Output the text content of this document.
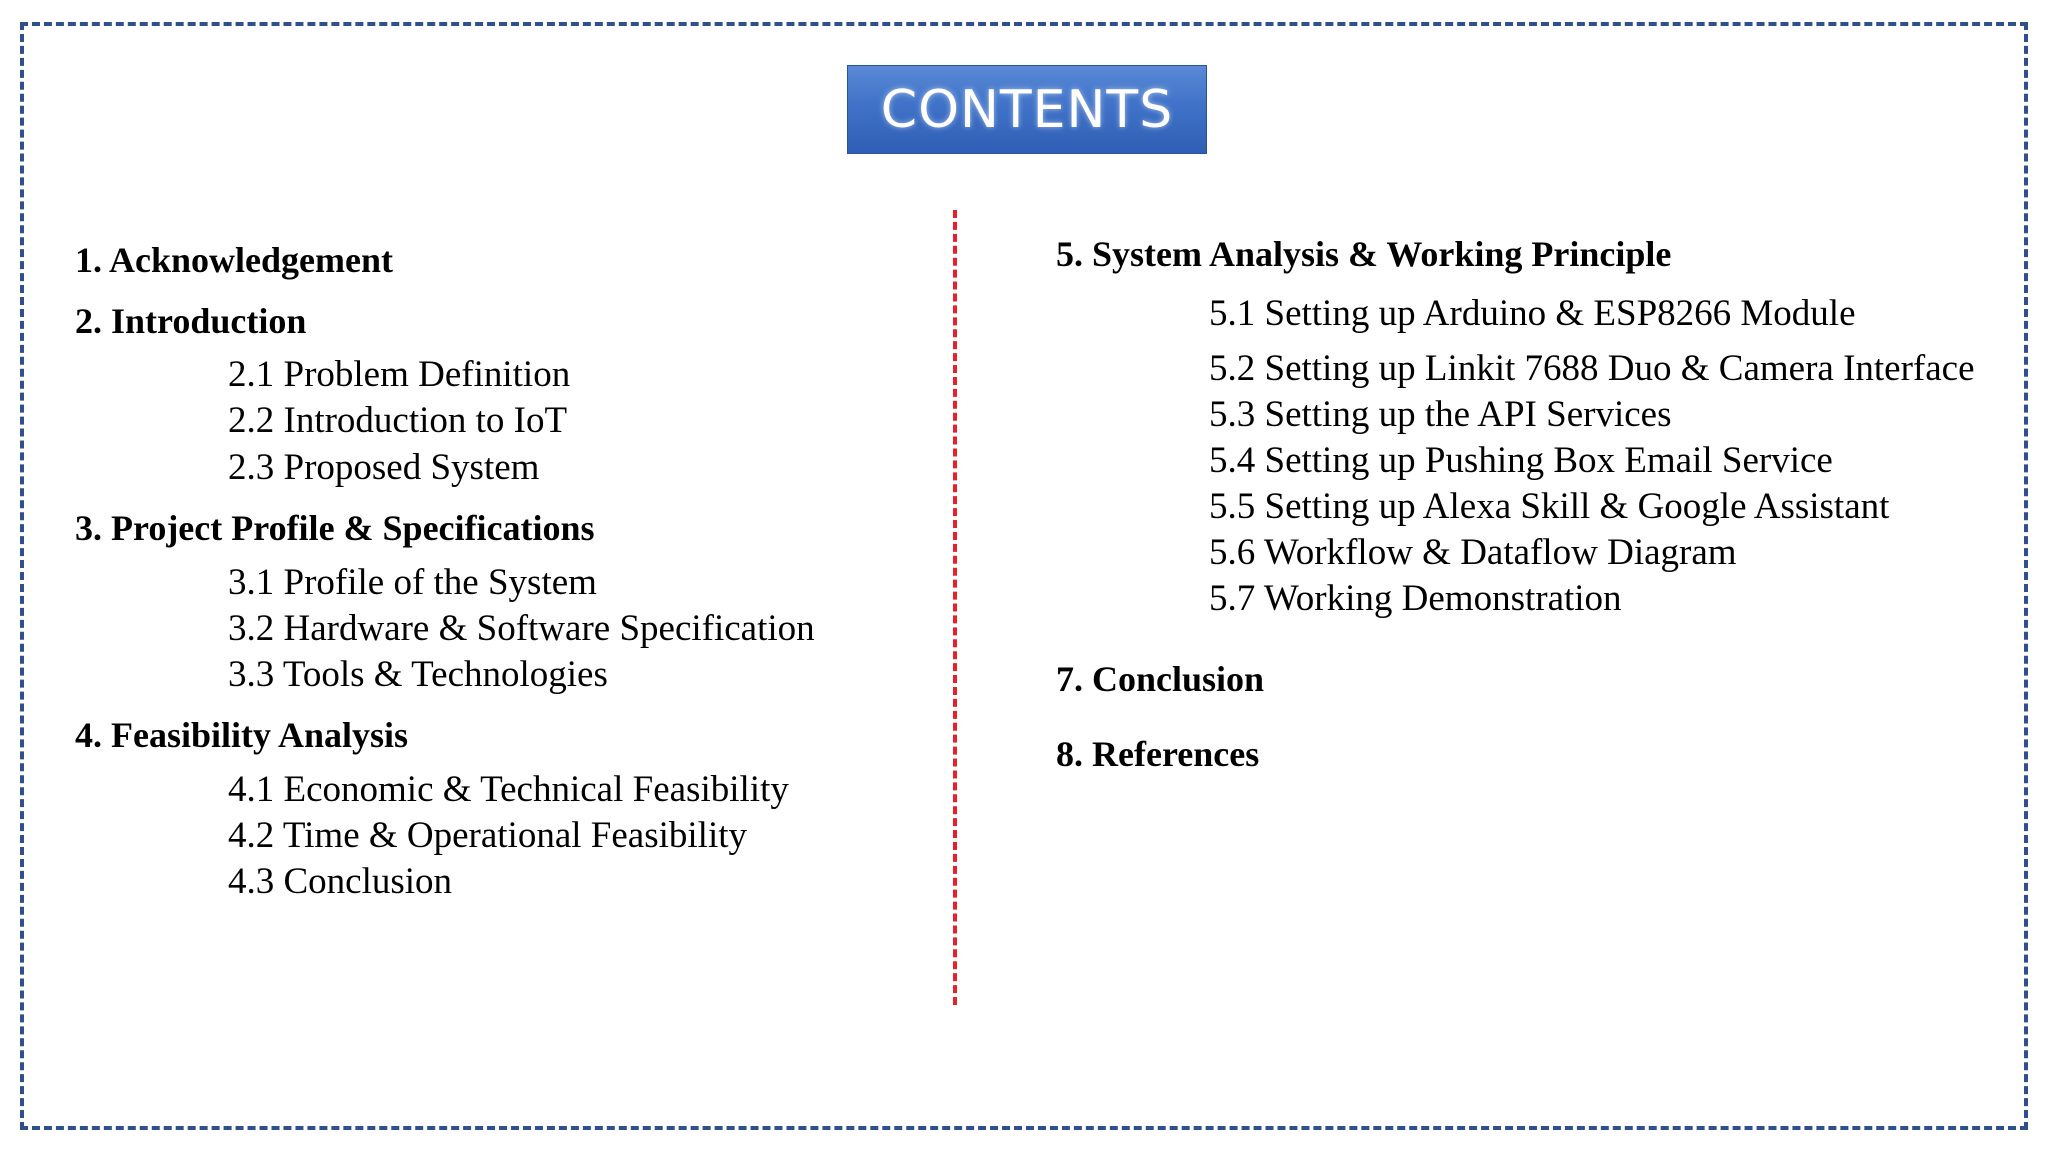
CONTENTS
1. Acknowledgement
2. Introduction
2.1 Problem Definition
2.2 Introduction to IoT
2.3 Proposed System
3. Project Profile & Specifications
3.1 Profile of the System
3.2 Hardware & Software Specification
3.3 Tools & Technologies
4. Feasibility Analysis
4.1 Economic & Technical Feasibility
4.2 Time & Operational Feasibility
4.3 Conclusion
5. System Analysis & Working Principle
5.1 Setting up Arduino & ESP8266 Module
5.2 Setting up Linkit 7688 Duo & Camera Interface
5.3 Setting up the API Services
5.4 Setting up Pushing Box Email Service
5.5 Setting up Alexa Skill & Google Assistant
5.6 Workflow & Dataflow Diagram
5.7 Working Demonstration
7. Conclusion
8. References
